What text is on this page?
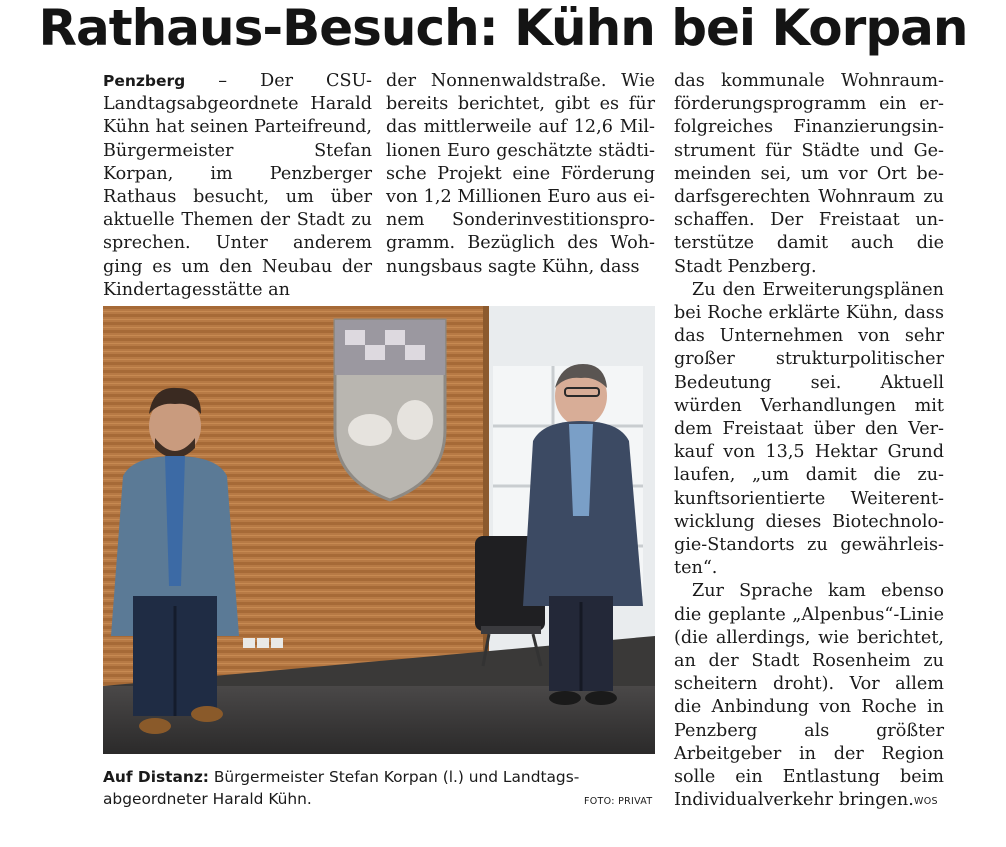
Rathaus-Besuch: Kühn bei Korpan

Penzberg – Der CSU-Landtagsabgeordnete Harald Kühn hat seinen Parteifreund, Bürgermeister Stefan Korpan, im Penzberger Rathaus besucht, um über aktuelle Themen der Stadt zu sprechen. Unter anderem ging es um den Neubau der Kindertagesstätte an

der Nonnenwaldstraße. Wie bereits berichtet, gibt es für das mittlerweile auf 12,6 Millionen Euro geschätzte städtische Projekt eine Förderung von 1,2 Millionen Euro aus einem Sonderinvestitionsprogramm. Bezüglich des Wohnungsbaus sagte Kühn, dass

das kommunale Wohnraumförderungsprogramm ein erfolgreiches Finanzierungsinstrument für Städte und Gemeinden sei, um vor Ort bedarfsgerechten Wohnraum zu schaffen. Der Freistaat unterstütze damit auch die Stadt Penzberg.

Zu den Erweiterungsplänen bei Roche erklärte Kühn, dass das Unternehmen von sehr großer strukturpolitischer Bedeutung sei. Aktuell würden Verhandlungen mit dem Freistaat über den Verkauf von 13,5 Hektar Grund laufen, „um damit die zukunftsorientierte Weiterentwicklung dieses Biotechnologie-Standorts zu gewährleisten“.

Zur Sprache kam ebenso die geplante „Alpenbus“-Linie (die allerdings, wie berichtet, an der Stadt Rosenheim zu scheitern droht). Vor allem die Anbindung von Roche in Penzberg als größter Arbeitgeber in der Region solle ein Entlastung beim Individualverkehr bringen.

Auf Distanz: Bürgermeister Stefan Korpan (l.) und Landtagsabgeordneter Harald Kühn.	FOTO: PRIVAT	WOS
